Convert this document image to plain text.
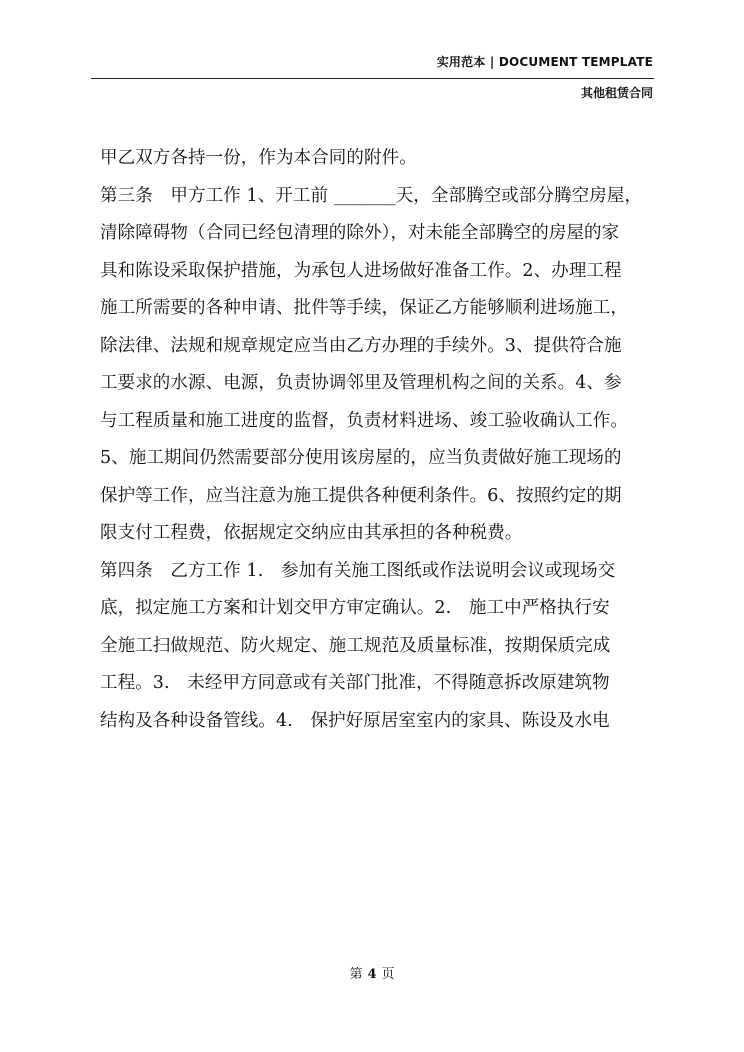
实用范本 | DOCUMENT TEMPLATE
其他租赁合同
甲乙双方各持一份，作为本合同的附件。
第三条　甲方工作 1、开工前 _______天，全部腾空或部分腾空房屋，
清除障碍物（合同已经包清理的除外），对未能全部腾空的房屋的家
具和陈设采取保护措施，为承包人进场做好准备工作。2、办理工程
施工所需要的各种申请、批件等手续，保证乙方能够顺利进场施工，
除法律、法规和规章规定应当由乙方办理的手续外。3、提供符合施
工要求的水源、电源，负责协调邻里及管理机构之间的关系。4、参
与工程质量和施工进度的监督，负责材料进场、竣工验收确认工作。
5、施工期间仍然需要部分使用该房屋的，应当负责做好施工现场的
保护等工作，应当注意为施工提供各种便利条件。6、按照约定的期
限支付工程费，依据规定交纳应由其承担的各种税费。
第四条　乙方工作 1.　参加有关施工图纸或作法说明会议或现场交
底，拟定施工方案和计划交甲方审定确认。2.　施工中严格执行安
全施工扫做规范、防火规定、施工规范及质量标准，按期保质完成
工程。3.　未经甲方同意或有关部门批准，不得随意拆改原建筑物
结构及各种设备管线。4.　保护好原居室室内的家具、陈设及水电
第 4 页
